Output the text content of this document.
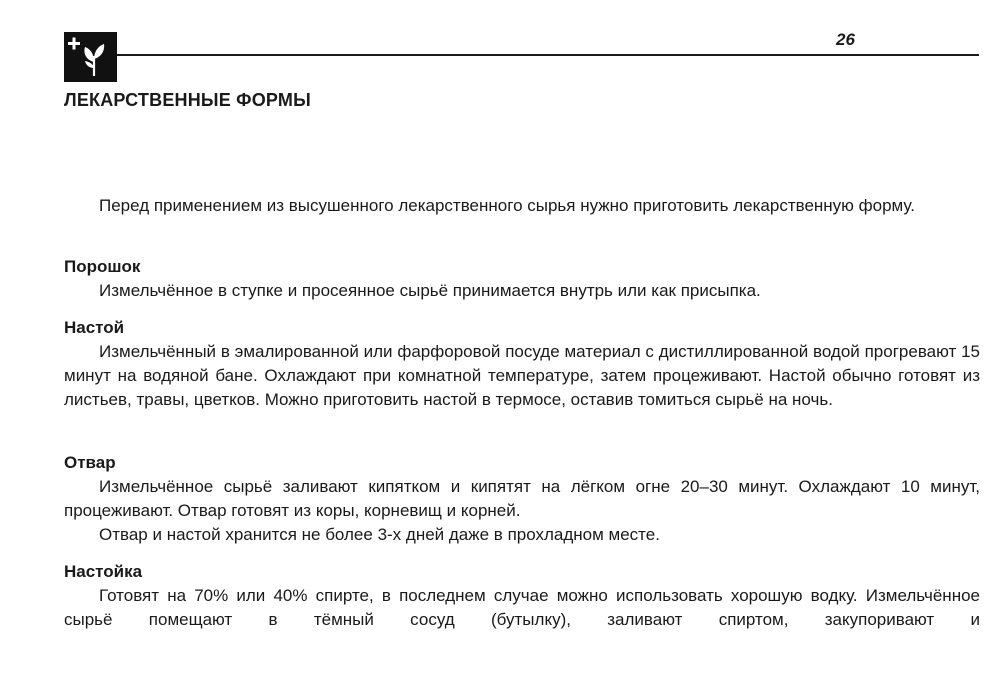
26
ЛЕКАРСТВЕННЫЕ ФОРМЫ

Перед применением из высушенного лекарственного сырья нужно приготовить лекарственную форму.

Порошок

Измельчённое в ступке и просеянное сырьё принимается внутрь или как присыпка.

Настой

Измельчённый в эмалированной или фарфоровой посуде материал с дистиллированной водой прогревают 15 минут на водяной бане. Охлаждают при комнатной температуре, затем процеживают. Настой обычно готовят из листьев, травы, цветков. Можно приготовить настой в термосе, оставив томиться сырьё на ночь.

Отвар

Измельчённое сырьё заливают кипятком и кипятят на лёгком огне 20–30 минут. Охлаждают 10 минут, процеживают. Отвар готовят из коры, корневищ и корней.

Отвар и настой хранится не более 3-х дней даже в прохладном месте.

Настойка

Готовят на 70% или 40% спирте, в последнем случае можно использовать хорошую водку. Измельчённое сырьё помещают в тёмный сосуд (бутылку), заливают спиртом, закупоривают и
